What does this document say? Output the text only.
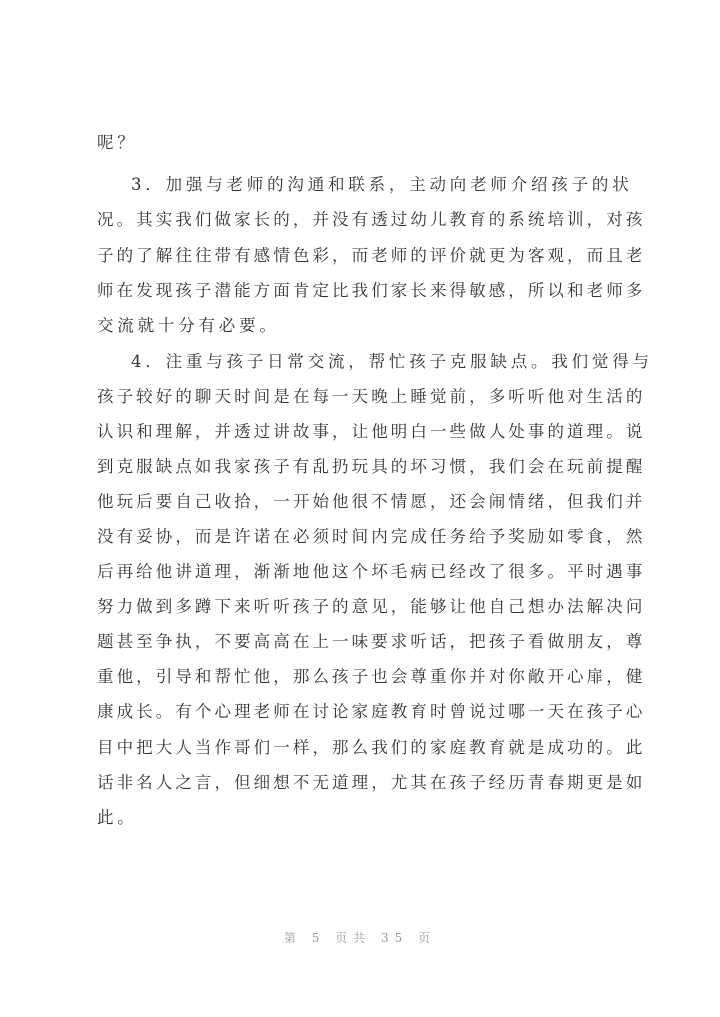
呢？
3．加强与老师的沟通和联系，主动向老师介绍孩子的状
况。其实我们做家长的，并没有透过幼儿教育的系统培训，对孩
子的了解往往带有感情色彩，而老师的评价就更为客观，而且老
师在发现孩子潜能方面肯定比我们家长来得敏感，所以和老师多
交流就十分有必要。
4．注重与孩子日常交流，帮忙孩子克服缺点。我们觉得与
孩子较好的聊天时间是在每一天晚上睡觉前，多听听他对生活的
认识和理解，并透过讲故事，让他明白一些做人处事的道理。说
到克服缺点如我家孩子有乱扔玩具的坏习惯，我们会在玩前提醒
他玩后要自己收拾，一开始他很不情愿，还会闹情绪，但我们并
没有妥协，而是许诺在必须时间内完成任务给予奖励如零食，然
后再给他讲道理，渐渐地他这个坏毛病已经改了很多。平时遇事
努力做到多蹲下来听听孩子的意见，能够让他自己想办法解决问
题甚至争执，不要高高在上一味要求听话，把孩子看做朋友，尊
重他，引导和帮忙他，那么孩子也会尊重你并对你敞开心扉，健
康成长。有个心理老师在讨论家庭教育时曾说过哪一天在孩子心
目中把大人当作哥们一样，那么我们的家庭教育就是成功的。此
话非名人之言，但细想不无道理，尤其在孩子经历青春期更是如
此。
第 5 页共 35 页
